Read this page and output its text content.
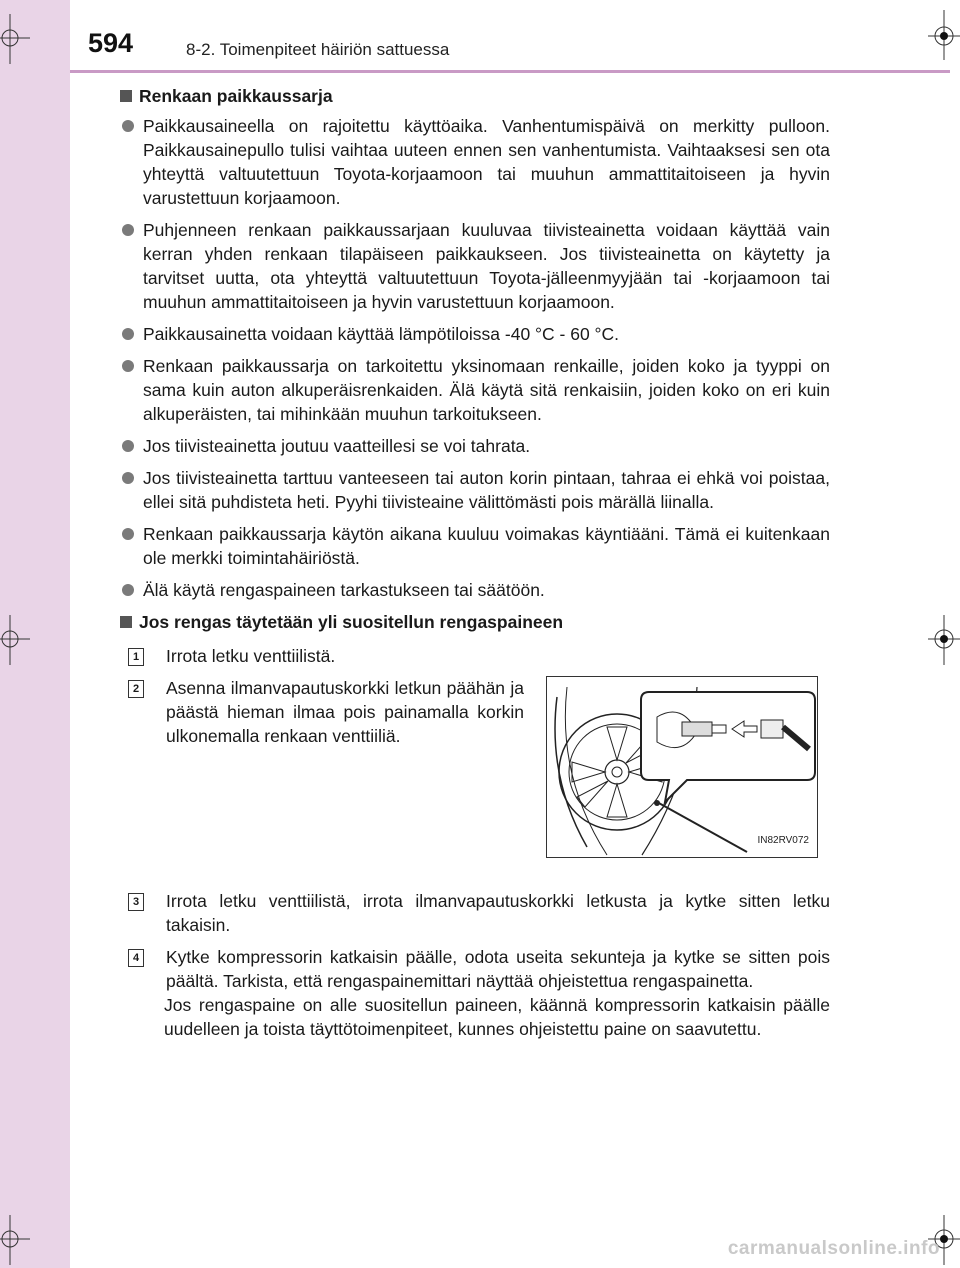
594	8-2. Toimenpiteet häiriön sattuessa
Renkaan paikkaussarja
Paikkausaineella on rajoitettu käyttöaika. Vanhentumispäivä on merkitty pulloon. Paikkausainepullo tulisi vaihtaa uuteen ennen sen vanhentumista. Vaihtaaksesi sen ota yhteyttä valtuutettuun Toyota-korjaamoon tai muuhun ammattitaitoiseen ja hyvin varustettuun korjaamoon.
Puhjenneen renkaan paikkaussarjaan kuuluvaa tiivisteainetta voidaan käyttää vain kerran yhden renkaan tilapäiseen paikkaukseen. Jos tiivisteainetta on käytetty ja tarvitset uutta, ota yhteyttä valtuutettuun Toyota-jälleenmyyjään tai -korjaamoon tai muuhun ammattitaitoiseen ja hyvin varustettuun korjaamoon.
Paikkausainetta voidaan käyttää lämpötiloissa -40 °C - 60 °C.
Renkaan paikkaussarja on tarkoitettu yksinomaan renkaille, joiden koko ja tyyppi on sama kuin auton alkuperäisrenkaiden. Älä käytä sitä renkaisiin, joiden koko on eri kuin alkuperäisten, tai mihinkään muuhun tarkoitukseen.
Jos tiivisteainetta joutuu vaatteillesi se voi tahrata.
Jos tiivisteainetta tarttuu vanteeseen tai auton korin pintaan, tahraa ei ehkä voi poistaa, ellei sitä puhdisteta heti. Pyyhi tiivisteaine välittömästi pois märällä liinalla.
Renkaan paikkaussarja käytön aikana kuuluu voimakas käyntiääni. Tämä ei kuitenkaan ole merkki toimintahäiriöstä.
Älä käytä rengaspaineen tarkastukseen tai säätöön.
Jos rengas täytetään yli suositellun rengaspaineen
1 Irrota letku venttiilistä.
2 Asenna ilmanvapautuskorkki letkun päähän ja päästä hieman ilmaa pois painamalla korkin ulkonemalla renkaan venttiiliä.
IN82RV072
3 Irrota letku venttiilistä, irrota ilmanvapautuskorkki letkusta ja kytke sitten letku takaisin.
4 Kytke kompressorin katkaisin päälle, odota useita sekunteja ja kytke se sitten pois päältä. Tarkista, että rengaspainemittari näyttää ohjeistettua rengaspainetta.
Jos rengaspaine on alle suositellun paineen, käännä kompressorin katkaisin päälle uudelleen ja toista täyttötoimenpiteet, kunnes ohjeistettu paine on saavutettu.
carmanualsonline.info
